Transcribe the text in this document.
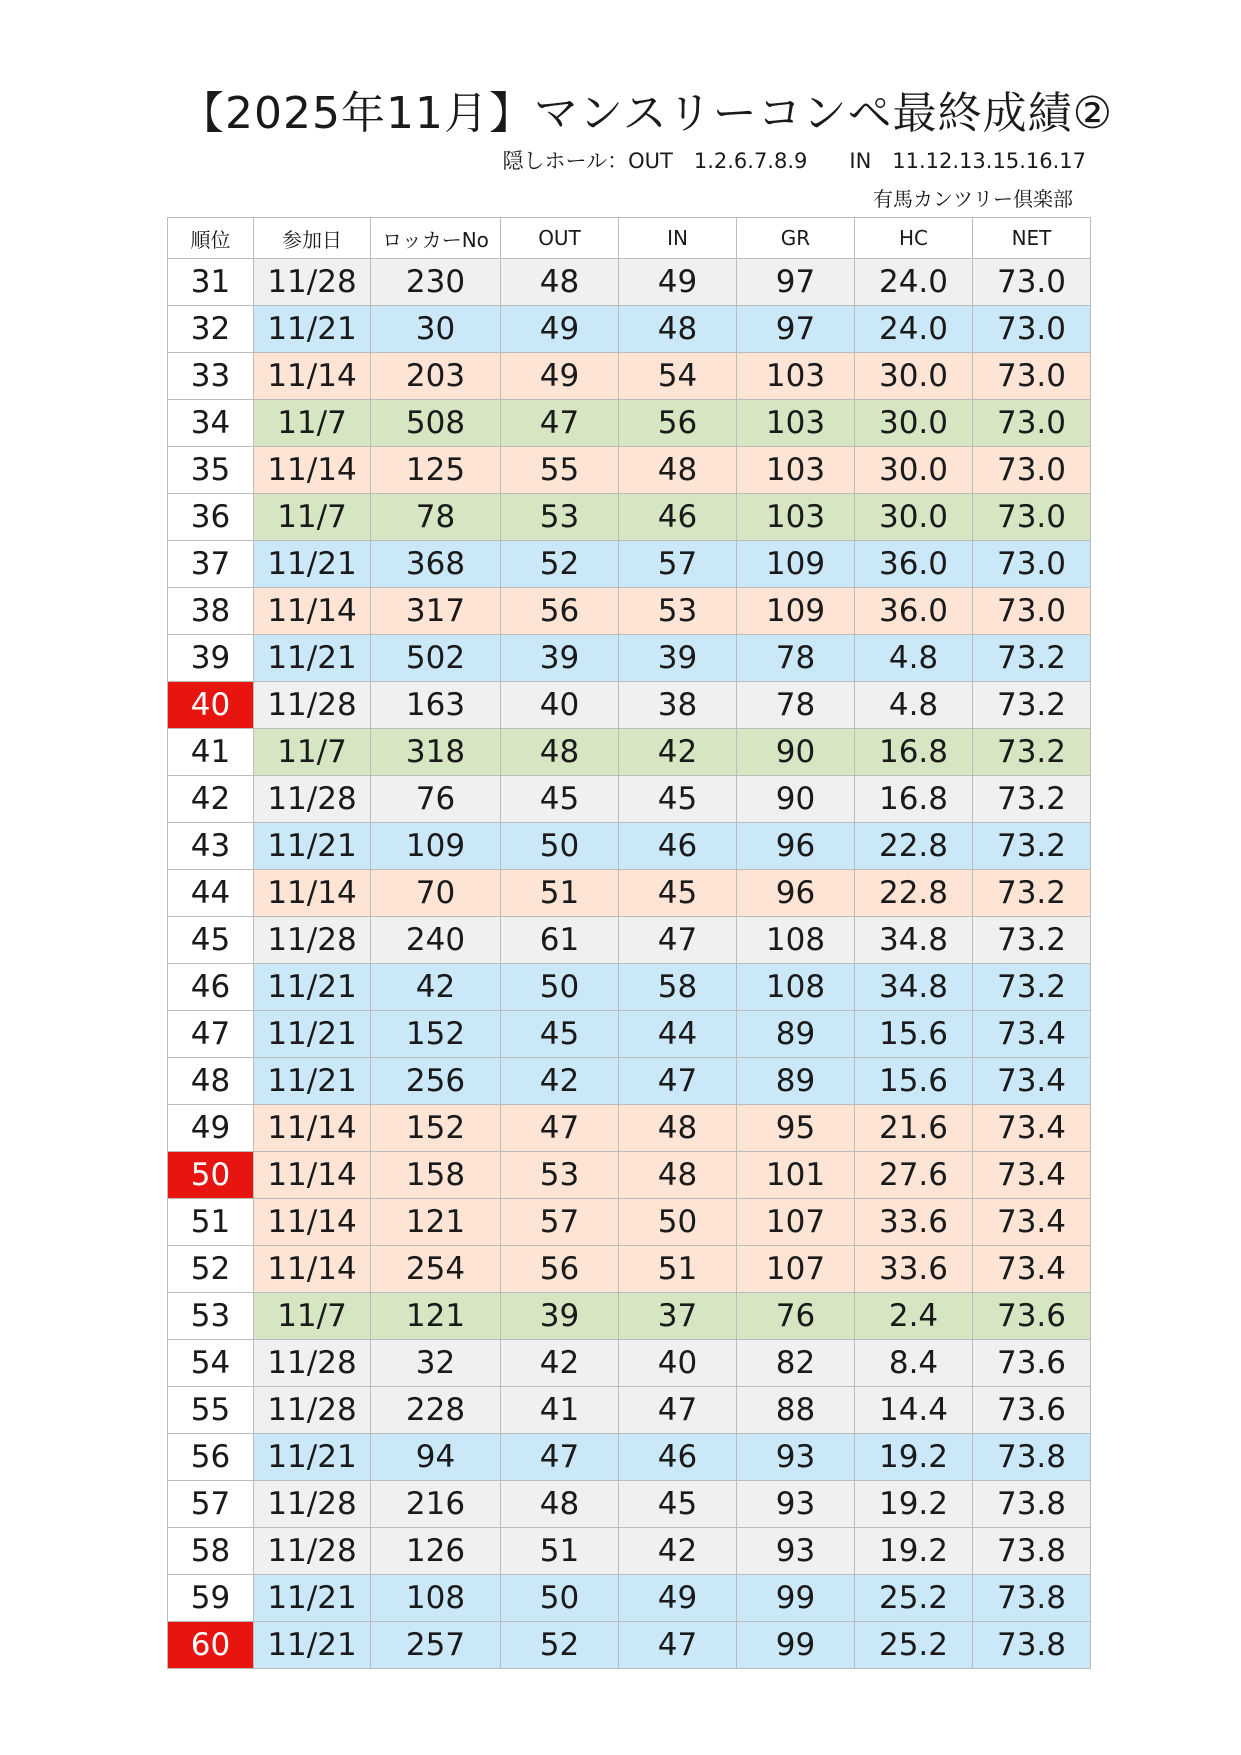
【2025年11月】マンスリーコンペ最終成績②
隠しホール：OUT　1.2.6.7.8.9　　IN　11.12.13.15.16.17
有馬カンツリー倶楽部
順位	参加日	ロッカーNo	OUT	IN	GR	HC	NET
31	11/28	230	48	49	97	24.0	73.0
32	11/21	30	49	48	97	24.0	73.0
33	11/14	203	49	54	103	30.0	73.0
34	11/7	508	47	56	103	30.0	73.0
35	11/14	125	55	48	103	30.0	73.0
36	11/7	78	53	46	103	30.0	73.0
37	11/21	368	52	57	109	36.0	73.0
38	11/14	317	56	53	109	36.0	73.0
39	11/21	502	39	39	78	4.8	73.2
40	11/28	163	40	38	78	4.8	73.2
41	11/7	318	48	42	90	16.8	73.2
42	11/28	76	45	45	90	16.8	73.2
43	11/21	109	50	46	96	22.8	73.2
44	11/14	70	51	45	96	22.8	73.2
45	11/28	240	61	47	108	34.8	73.2
46	11/21	42	50	58	108	34.8	73.2
47	11/21	152	45	44	89	15.6	73.4
48	11/21	256	42	47	89	15.6	73.4
49	11/14	152	47	48	95	21.6	73.4
50	11/14	158	53	48	101	27.6	73.4
51	11/14	121	57	50	107	33.6	73.4
52	11/14	254	56	51	107	33.6	73.4
53	11/7	121	39	37	76	2.4	73.6
54	11/28	32	42	40	82	8.4	73.6
55	11/28	228	41	47	88	14.4	73.6
56	11/21	94	47	46	93	19.2	73.8
57	11/28	216	48	45	93	19.2	73.8
58	11/28	126	51	42	93	19.2	73.8
59	11/21	108	50	49	99	25.2	73.8
60	11/21	257	52	47	99	25.2	73.8
